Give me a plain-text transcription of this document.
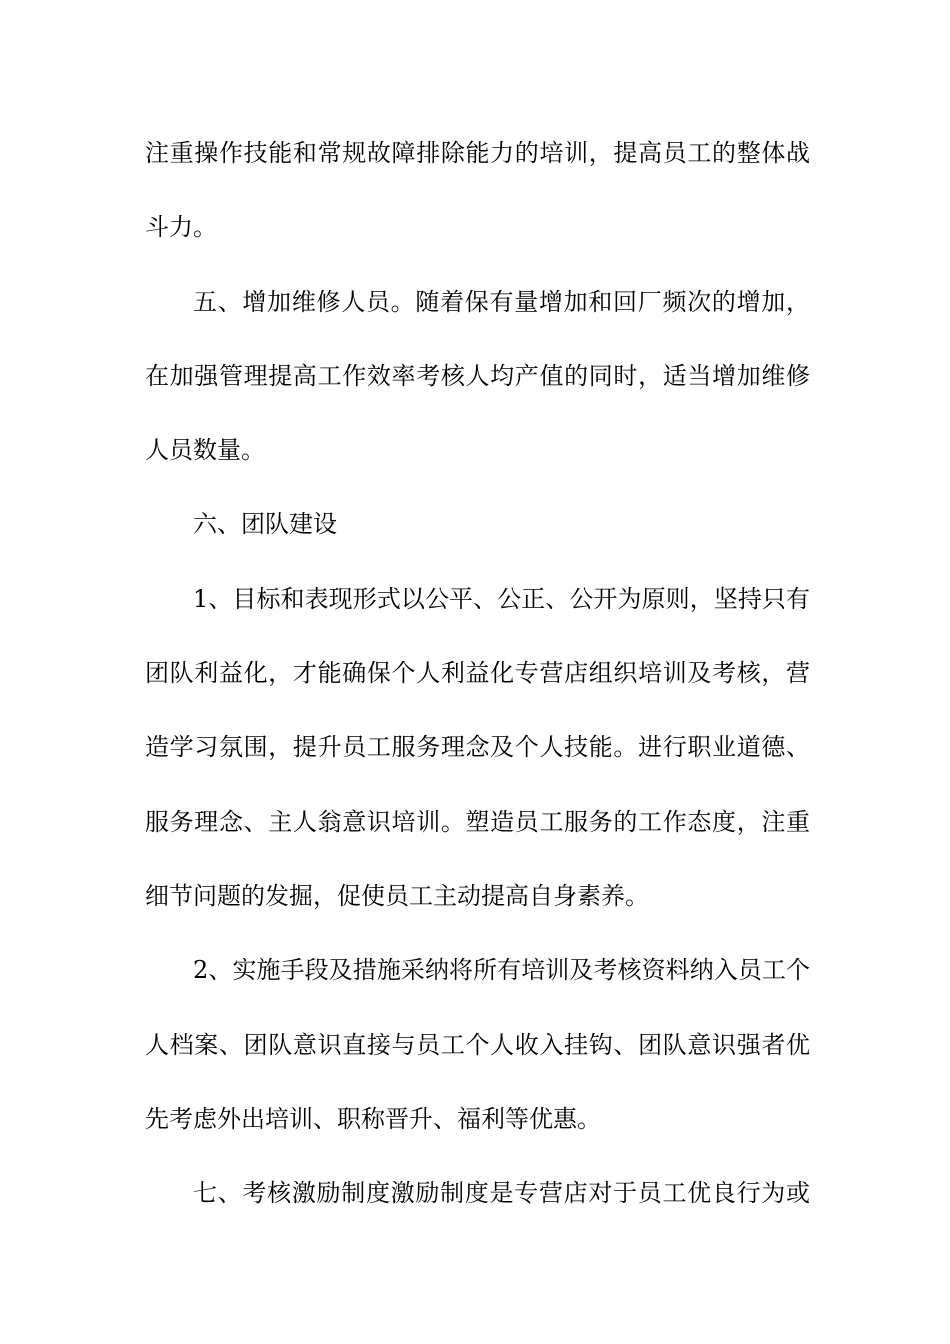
注重操作技能和常规故障排除能力的培训，提高员工的整体战
斗力。
五、增加维修人员。随着保有量增加和回厂频次的增加，
在加强管理提高工作效率考核人均产值的同时，适当增加维修
人员数量。
六、团队建设
1、目标和表现形式以公平、公正、公开为原则，坚持只有
团队利益化，才能确保个人利益化专营店组织培训及考核，营
造学习氛围，提升员工服务理念及个人技能。进行职业道德、
服务理念、主人翁意识培训。塑造员工服务的工作态度，注重
细节问题的发掘，促使员工主动提高自身素养。
2、实施手段及措施采纳将所有培训及考核资料纳入员工个
人档案、团队意识直接与员工个人收入挂钩、团队意识强者优
先考虑外出培训、职称晋升、福利等优惠。
七、考核激励制度激励制度是专营店对于员工优良行为或
